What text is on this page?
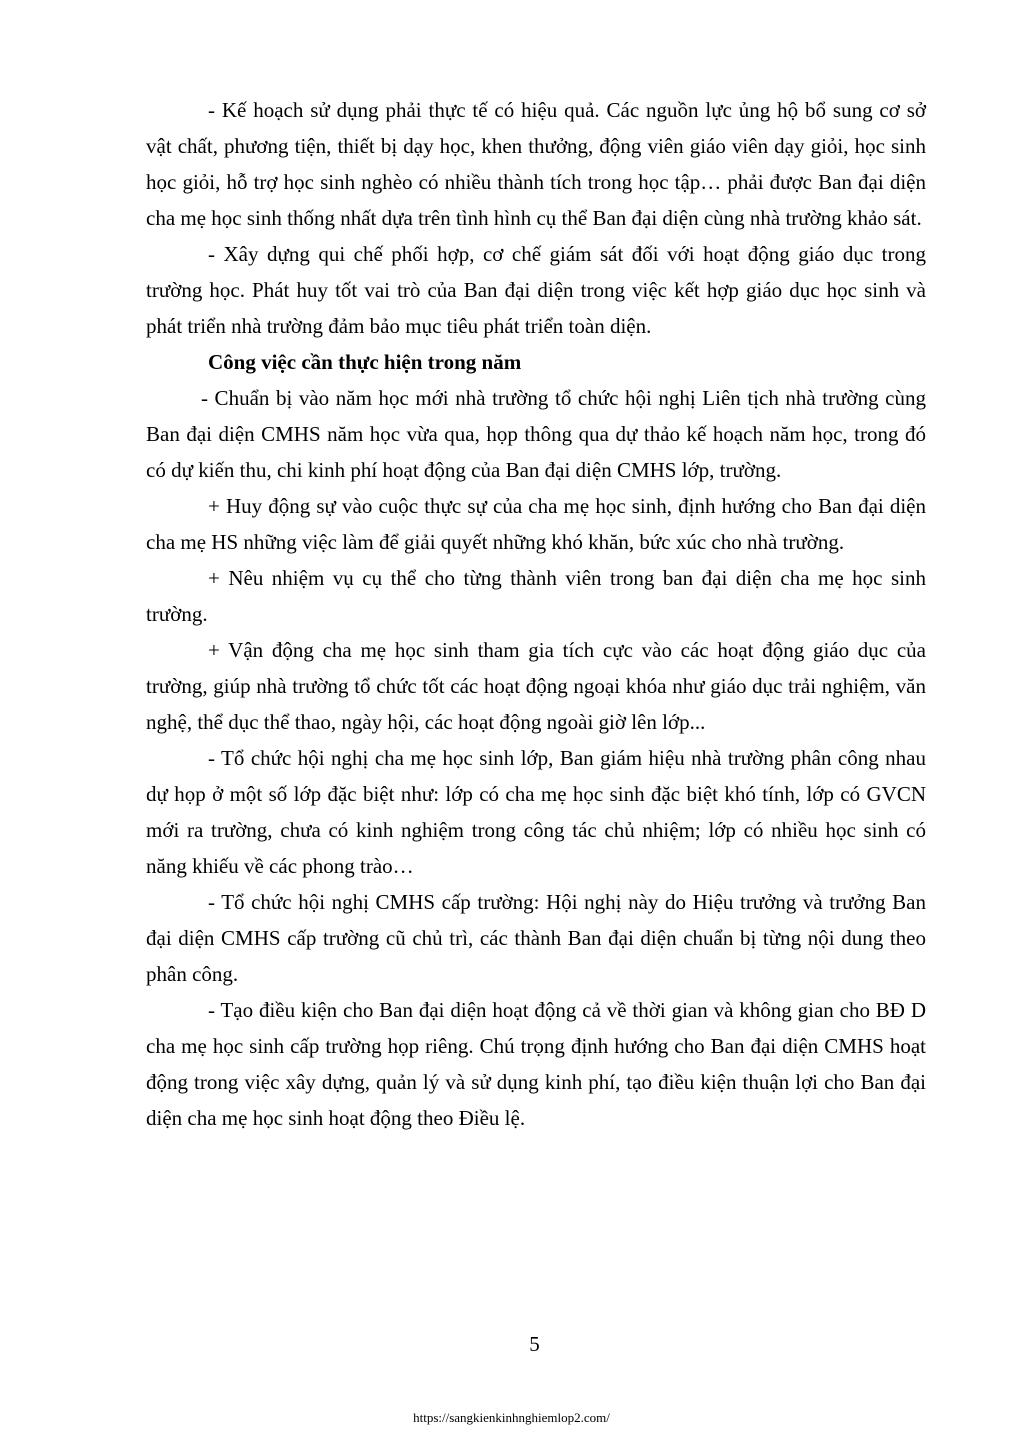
- Kế hoạch sử dụng phải thực tế có hiệu quả. Các nguồn lực ủng hộ bổ sung cơ sở vật chất, phương tiện, thiết bị dạy học, khen thưởng, động viên giáo viên dạy giỏi, học sinh học giỏi, hỗ trợ học sinh nghèo có nhiều thành tích trong học tập… phải được Ban đại diện cha mẹ học sinh thống nhất dựa trên tình hình cụ thể Ban đại diện cùng nhà trường khảo sát.

- Xây dựng qui chế phối hợp, cơ chế giám sát đối với hoạt động giáo dục trong trường học. Phát huy tốt vai trò của Ban đại diện trong việc kết hợp giáo dục học sinh và phát triển nhà trường đảm bảo mục tiêu phát triển toàn diện.

Công việc cần thực hiện trong năm

- Chuẩn bị vào năm học mới nhà trường tổ chức hội nghị Liên tịch nhà trường cùng Ban đại diện CMHS năm học vừa qua, họp thông qua dự thảo kế hoạch năm học, trong đó có dự kiến thu, chi kinh phí hoạt động của Ban đại diện CMHS lớp, trường.

+ Huy động sự vào cuộc thực sự của cha mẹ học sinh, định hướng cho Ban đại diện cha mẹ HS những việc làm để giải quyết những khó khăn, bức xúc cho nhà trường.

+ Nêu nhiệm vụ cụ thể cho từng thành viên trong ban đại diện cha mẹ học sinh trường.

+ Vận động cha mẹ học sinh tham gia tích cực vào các hoạt động giáo dục của trường, giúp nhà trường tổ chức tốt các hoạt động ngoại khóa như giáo dục trải nghiệm, văn nghệ, thể dục thể thao, ngày hội, các hoạt động ngoài giờ lên lớp...

- Tổ chức hội nghị cha mẹ học sinh lớp, Ban giám hiệu nhà trường phân công nhau dự họp ở một số lớp đặc biệt như: lớp có cha mẹ học sinh đặc biệt khó tính, lớp có GVCN mới ra trường, chưa có kinh nghiệm trong công tác chủ nhiệm; lớp có nhiều học sinh có năng khiếu về các phong trào…

- Tổ chức hội nghị CMHS cấp trường: Hội nghị này do Hiệu trưởng và trưởng Ban đại diện CMHS cấp trường cũ chủ trì, các thành Ban đại diện chuẩn bị từng nội dung theo phân công.

- Tạo điều kiện cho Ban đại diện hoạt động cả về thời gian và không gian cho BĐ D cha mẹ học sinh cấp trường họp riêng. Chú trọng định hướng cho Ban đại diện CMHS hoạt động trong việc xây dựng, quản lý và sử dụng kinh phí, tạo điều kiện thuận lợi cho Ban đại diện cha mẹ học sinh hoạt động theo Điều lệ.

5
https://sangkienkinhnghiemlop2.com/
